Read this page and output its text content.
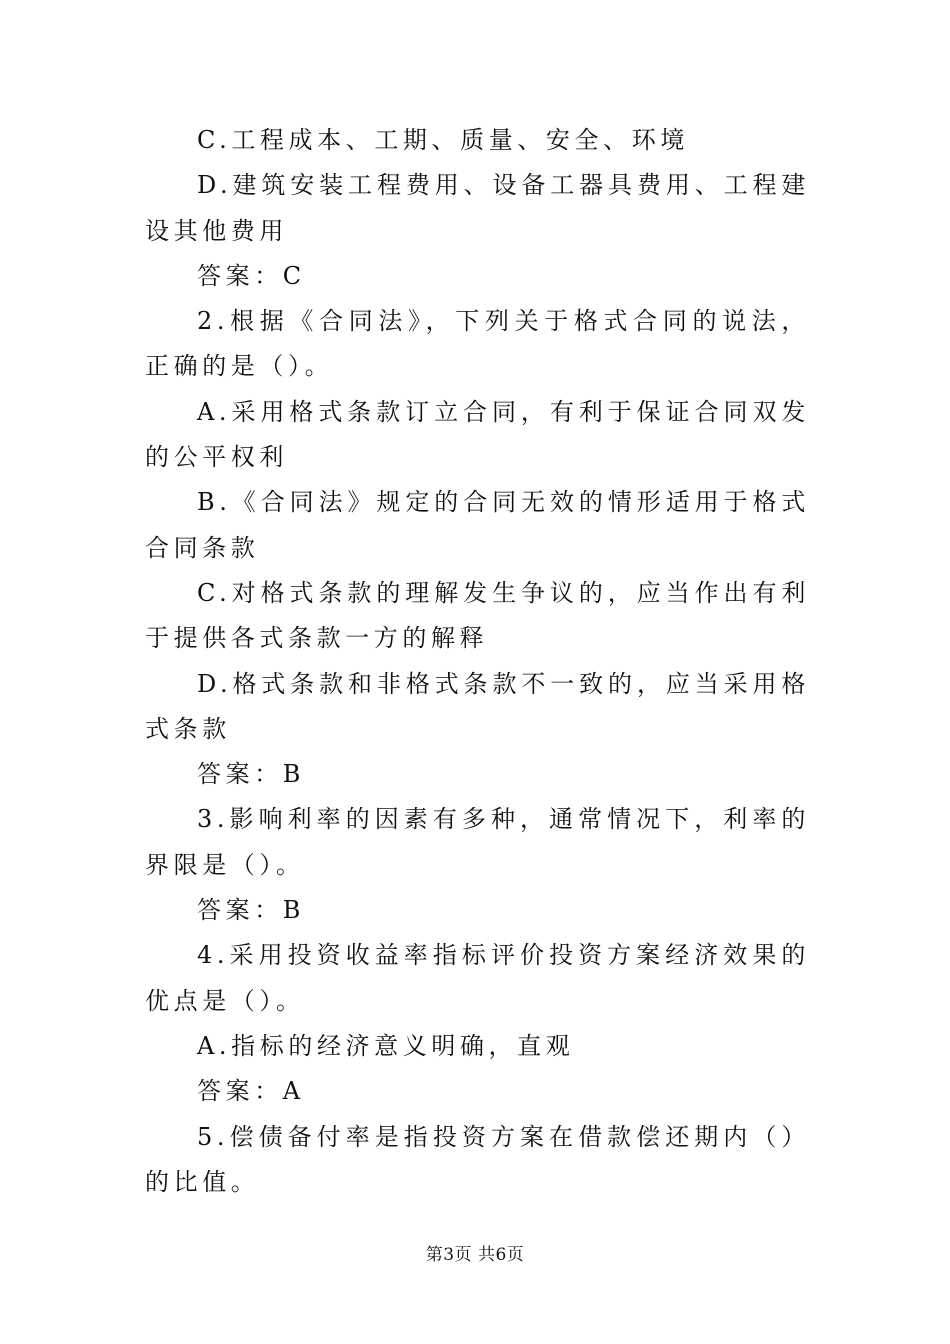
C.工程成本、工期、质量、安全、环境

D.建筑安装工程费用、设备工器具费用、工程建设其他费用

答案：C

2.根据《合同法》，下列关于格式合同的说法，正确的是（）。

A.采用格式条款订立合同，有利于保证合同双发的公平权利

B.《合同法》规定的合同无效的情形适用于格式合同条款

C.对格式条款的理解发生争议的，应当作出有利于提供各式条款一方的解释

D.格式条款和非格式条款不一致的，应当采用格式条款

答案：B

3.影响利率的因素有多种，通常情况下，利率的界限是（）。

答案：B

4.采用投资收益率指标评价投资方案经济效果的优点是（）。

A.指标的经济意义明确，直观

答案：A

5.偿债备付率是指投资方案在借款偿还期内（）的比值。

第3页 共6页
